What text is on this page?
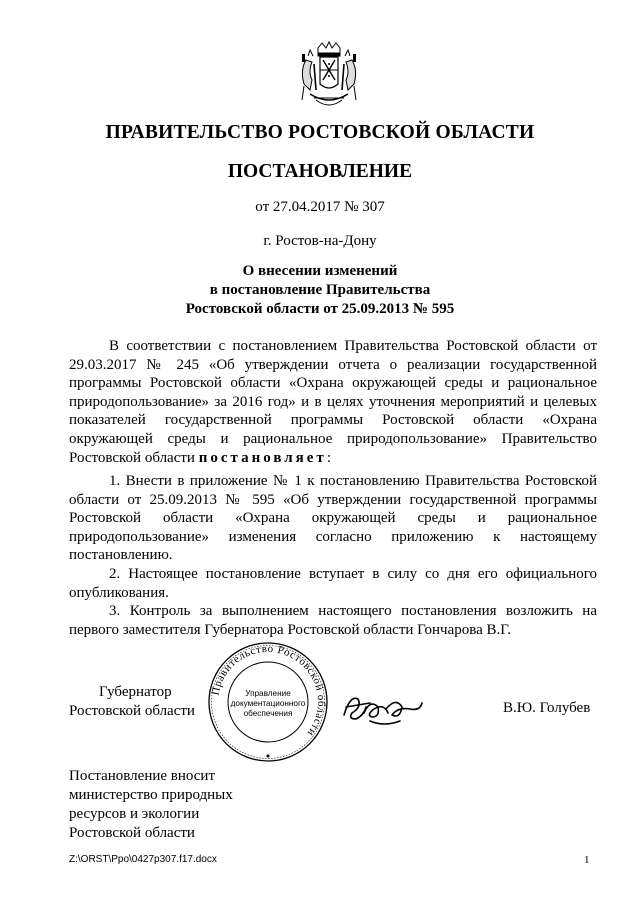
ПРАВИТЕЛЬСТВО РОСТОВСКОЙ ОБЛАСТИ
ПОСТАНОВЛЕНИЕ
от 27.04.2017 № 307
г. Ростов-на-Дону
О внесении изменений
в постановление Правительства
Ростовской области от 25.09.2013 № 595
В соответствии с постановлением Правительства Ростовской области от 29.03.2017 № 245 «Об утверждении отчета о реализации государственной программы Ростовской области «Охрана окружающей среды и рациональное природопользование» за 2016 год» и в целях уточнения мероприятий и целевых показателей государственной программы Ростовской области «Охрана окружающей среды и рациональное природопользование» Правительство Ростовской области постановляет:

1. Внести в приложение № 1 к постановлению Правительства Ростовской области от 25.09.2013 № 595 «Об утверждении государственной программы Ростовской области «Охрана окружающей среды и рациональное природопользование» изменения согласно приложению к настоящему постановлению.

2. Настоящее постановление вступает в силу со дня его официального опубликования.

3. Контроль за выполнением настоящего постановления возложить на первого заместителя Губернатора Ростовской области Гончарова В.Г.

Губернатор
Ростовской области
Правительство Ростовской области
Управление
документационного
обеспечения	В.Ю. Голубев
Постановление вносит
министерство природных
ресурсов и экологии
Ростовской области
Z:\ORST\Ppo\0427p307.f17.docx	1
